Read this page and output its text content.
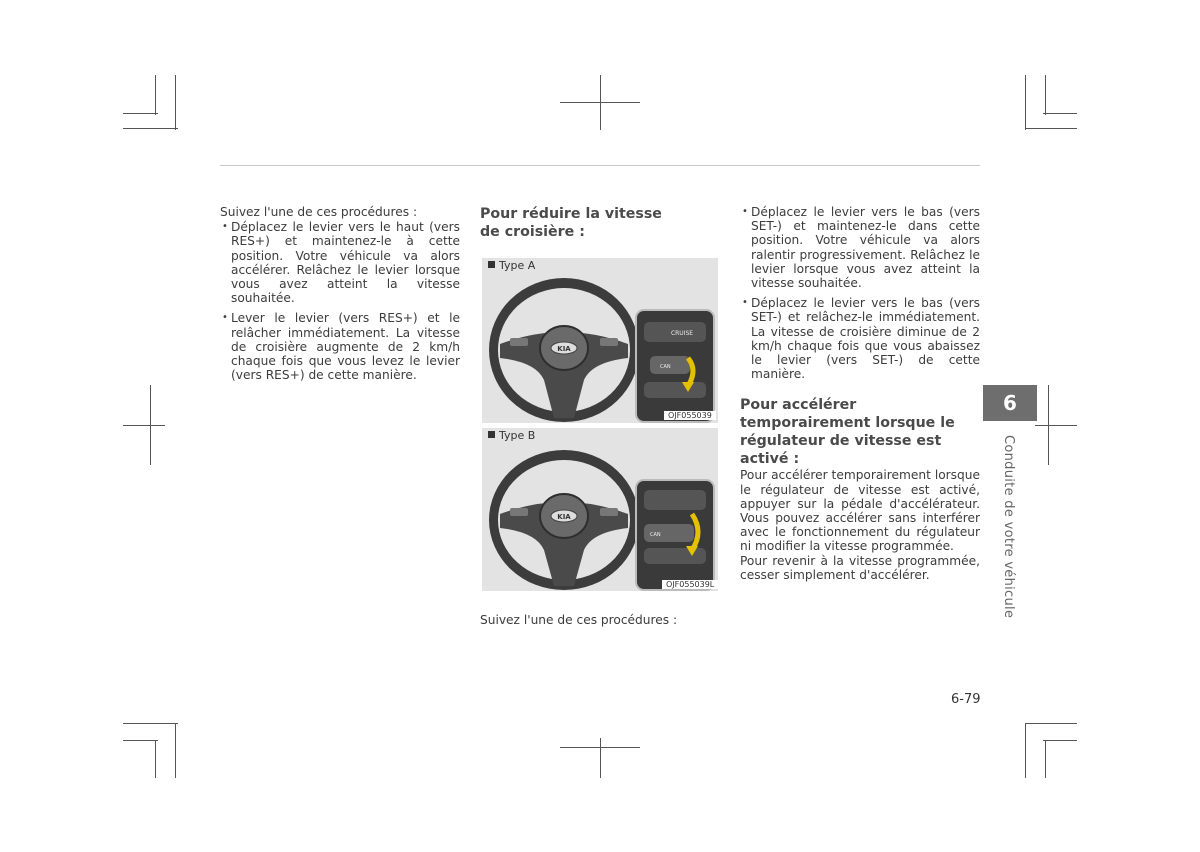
Suivez l'une de ces procédures :

• Déplacez le levier vers le haut (vers RES+) et maintenez-le à cette position. Votre véhicule va alors accélérer. Relâchez le levier lorsque vous avez atteint la vitesse souhaitée.

• Lever le levier (vers RES+) et le relâcher immédiatement. La vitesse de croisière augmente de 2 km/h chaque fois que vous levez le levier (vers RES+) de cette manière.

Pour réduire la vitesse de croisière :

KIA
CRUISE
CAN
Type A
OJF055039
KIA
CAN
Type B
OJF055039L

Suivez l'une de ces procédures :

• Déplacez le levier vers le bas (vers SET-) et maintenez-le dans cette position. Votre véhicule va alors ralentir progressivement. Relâchez le levier lorsque vous avez atteint la vitesse souhaitée.

• Déplacez le levier vers le bas (vers SET-) et relâchez-le immédiatement. La vitesse de croisière diminue de 2 km/h chaque fois que vous abaissez le levier (vers SET-) de cette manière.

Pour accélérer temporairement lorsque le régulateur de vitesse est activé :

Pour accélérer temporairement lorsque le régulateur de vitesse est activé, appuyer sur la pédale d'accélérateur. Vous pouvez accélérer sans interférer avec le fonctionnement du régulateur ni modifier la vitesse programmée.

Pour revenir à la vitesse programmée, cesser simplement d'accélérer.

6
Conduite de votre véhicule
6-79
